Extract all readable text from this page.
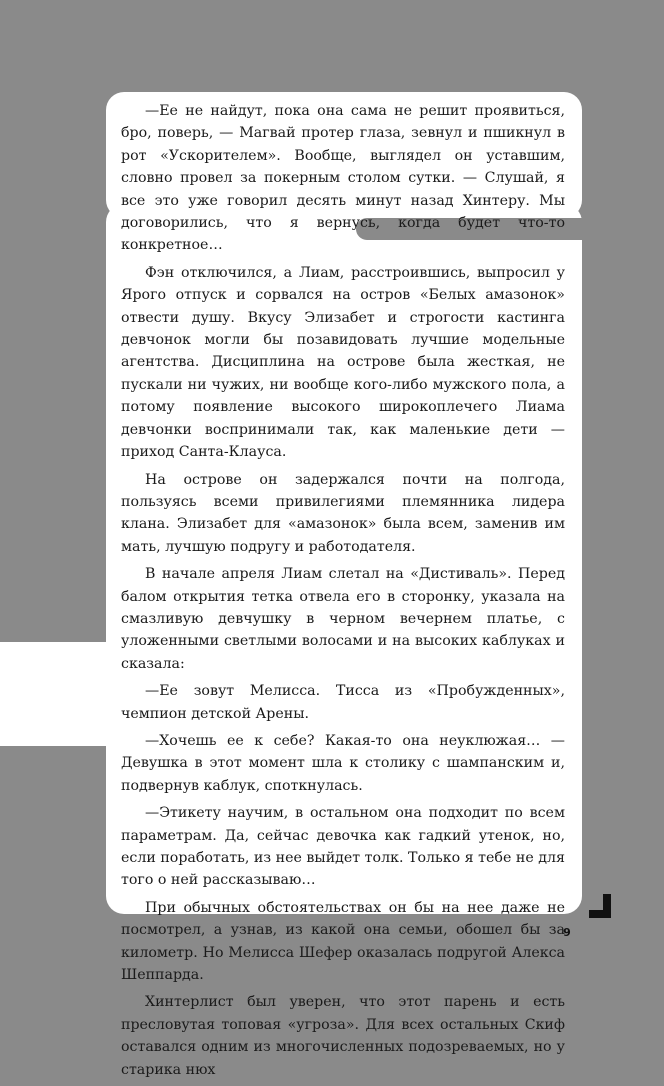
—Ее не найдут, пока она сама не решит проявиться, бро, поверь, — Магвай протер глаза, зевнул и пшикнул в рот «Ускорителем». Вообще, выглядел он уставшим, словно провел за покерным столом сутки. — Слушай, я все это уже говорил десять минут назад Хинтеру. Мы договорились, что я вернусь, когда будет что-то конкретное…

Фэн отключился, а Лиам, расстроившись, выпросил у Ярого отпуск и сорвался на остров «Белых амазонок» отвести душу. Вкусу Элизабет и строгости кастинга девчонок могли бы позавидовать лучшие модельные агентства. Дисциплина на острове была жесткая, не пускали ни чужих, ни вообще кого-либо мужского пола, а потому появление высокого широкоплечего Лиама девчонки воспринимали так, как маленькие дети — приход Санта-Клауса.

На острове он задержался почти на полгода, пользуясь всеми привилегиями племянника лидера клана. Элизабет для «амазонок» была всем, заменив им мать, лучшую подругу и работодателя.

В начале апреля Лиам слетал на «Дистиваль». Перед балом открытия тетка отвела его в сторонку, указала на смазливую девчушку в черном вечернем платье, с уложенными светлыми волосами и на высоких каблуках и сказала:

—Ее зовут Мелисса. Тисса из «Пробужденных», чемпион детской Арены.

—Хочешь ее к себе? Какая-то она неуклюжая… — Девушка в этот момент шла к столику с шампанским и, подвернув каблук, споткнулась.

—Этикету научим, в остальном она подходит по всем параметрам. Да, сейчас девочка как гадкий утенок, но, если поработать, из нее выйдет толк. Только я тебе не для того о ней рассказываю…

При обычных обстоятельствах он бы на нее даже не посмотрел, а узнав, из какой она семьи, обошел бы за километр. Но Мелисса Шефер оказалась подругой Алекса Шеппарда.

Хинтерлист был уверен, что этот парень и есть пресловутая топовая «угроза». Для всех остальных Скиф оставался одним из многочисленных подозреваемых, но у старика нюх

9
